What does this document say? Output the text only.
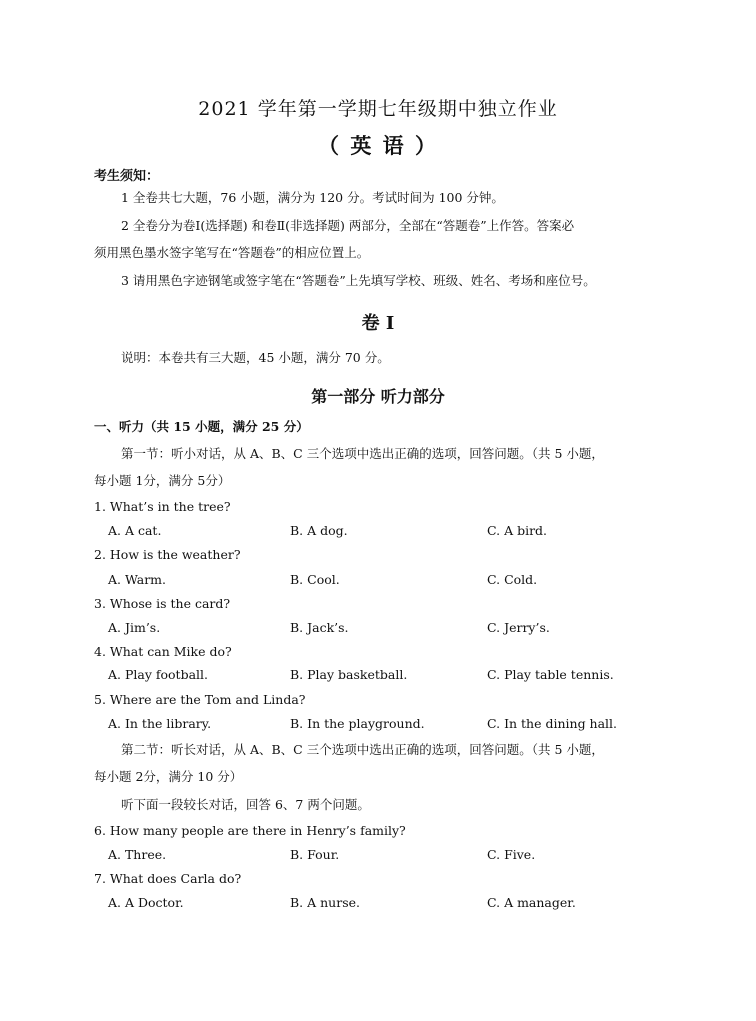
2021 学年第一学期七年级期中独立作业
（ 英 语 ）
考生须知：
1 全卷共七大题，76 小题，满分为 120 分。考试时间为 100 分钟。
2 全卷分为卷Ⅰ(选择题) 和卷Ⅱ(非选择题) 两部分，全部在“答题卷”上作答。答案必
须用黑色墨水签字笔写在“答题卷”的相应位置上。
3 请用黑色字迹钢笔或签字笔在“答题卷”上先填写学校、班级、姓名、考场和座位号。
卷 Ⅰ
说明：本卷共有三大题，45 小题，满分 70 分。
第一部分 听力部分
一、听力（共 15 小题，满分 25 分）
第一节：听小对话，从 A、B、C 三个选项中选出正确的选项，回答问题。（共 5 小题，
每小题 1分，满分 5分）
1. What’s in the tree?
A. A cat.	B. A dog.	C. A bird.
2. How is the weather?
A. Warm.	B. Cool.	C. Cold.
3. Whose is the card?
A. Jim’s.	B. Jack’s.	C. Jerry’s.
4. What can Mike do?
A. Play football.	B. Play basketball.	C. Play table tennis.
5. Where are the Tom and Linda?
A. In the library.	B. In the playground.	C. In the dining hall.
第二节：听长对话，从 A、B、C 三个选项中选出正确的选项，回答问题。（共 5 小题，
每小题 2分，满分 10 分）
听下面一段较长对话，回答 6、7 两个问题。
6. How many people are there in Henry’s family?
A. Three.	B. Four.	C. Five.
7. What does Carla do?
A. A Doctor.	B. A nurse.	C. A manager.
